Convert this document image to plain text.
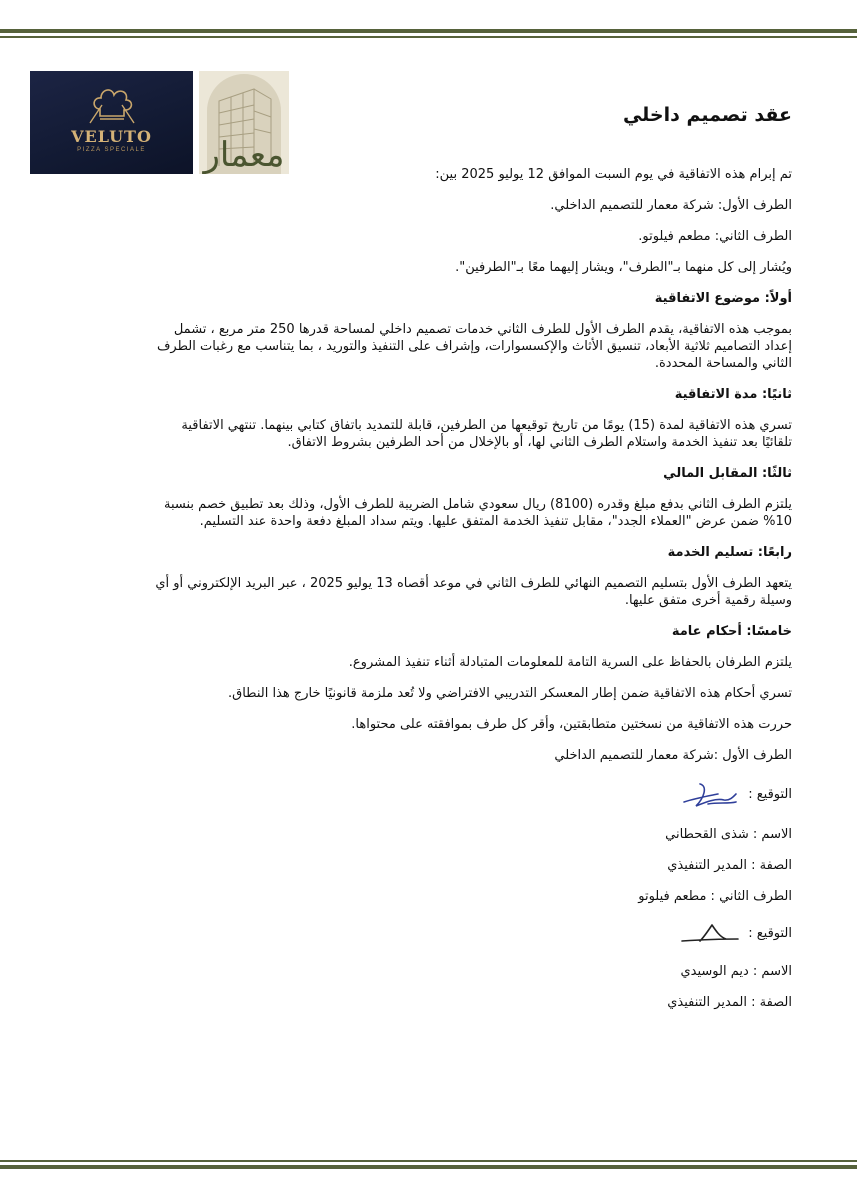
VELUTO
PIZZA SPECIALE	معمار
عقد تصميم داخلي
تم إبرام هذه الاتفاقية في يوم السبت الموافق 12 يوليو 2025 بين:
الطرف الأول: شركة معمار للتصميم الداخلي.
الطرف الثاني: مطعم فيلوتو.
ويُشار إلى كل منهما بـ"الطرف"، ويشار إليهما معًا بـ"الطرفين".
أولاً: موضوع الاتفاقية
بموجب هذه الاتفاقية، يقدم الطرف الأول للطرف الثاني خدمات تصميم داخلي لمساحة قدرها 250 متر مربع ، تشمل إعداد التصاميم ثلاثية الأبعاد، تنسيق الأثاث والإكسسوارات، وإشراف على التنفيذ والتوريد ، بما يتناسب مع رغبات الطرف الثاني والمساحة المحددة.
ثانيًا: مدة الاتفاقية
تسري هذه الاتفاقية لمدة (15) يومًا من تاريخ توقيعها من الطرفين، قابلة للتمديد باتفاق كتابي بينهما. تنتهي الاتفاقية تلقائيًا بعد تنفيذ الخدمة واستلام الطرف الثاني لها، أو بالإخلال من أحد الطرفين بشروط الاتفاق.
ثالثًا: المقابل المالي
يلتزم الطرف الثاني بدفع مبلغ وقدره (8100) ريال سعودي شامل الضريبة للطرف الأول، وذلك بعد تطبيق خصم بنسبة 10% ضمن عرض "العملاء الجدد"، مقابل تنفيذ الخدمة المتفق عليها. ويتم سداد المبلغ دفعة واحدة عند التسليم.
رابعًا: تسليم الخدمة
يتعهد الطرف الأول بتسليم التصميم النهائي للطرف الثاني في موعد أقصاه 13 يوليو 2025 ، عبر البريد الإلكتروني أو أي وسيلة رقمية أخرى متفق عليها.
خامسًا: أحكام عامة
يلتزم الطرفان بالحفاظ على السرية التامة للمعلومات المتبادلة أثناء تنفيذ المشروع.
تسري أحكام هذه الاتفاقية ضمن إطار المعسكر التدريبي الافتراضي ولا تُعد ملزمة قانونيًا خارج هذا النطاق.
حررت هذه الاتفاقية من نسختين متطابقتين، وأقر كل طرف بموافقته على محتواها.
الطرف الأول :شركة معمار للتصميم الداخلي
التوقيع :
الاسم : شذى القحطاني
الصفة : المدير التنفيذي
الطرف الثاني : مطعم فيلوتو
التوقيع :
الاسم : ديم الوسيدي
الصفة : المدير التنفيذي
